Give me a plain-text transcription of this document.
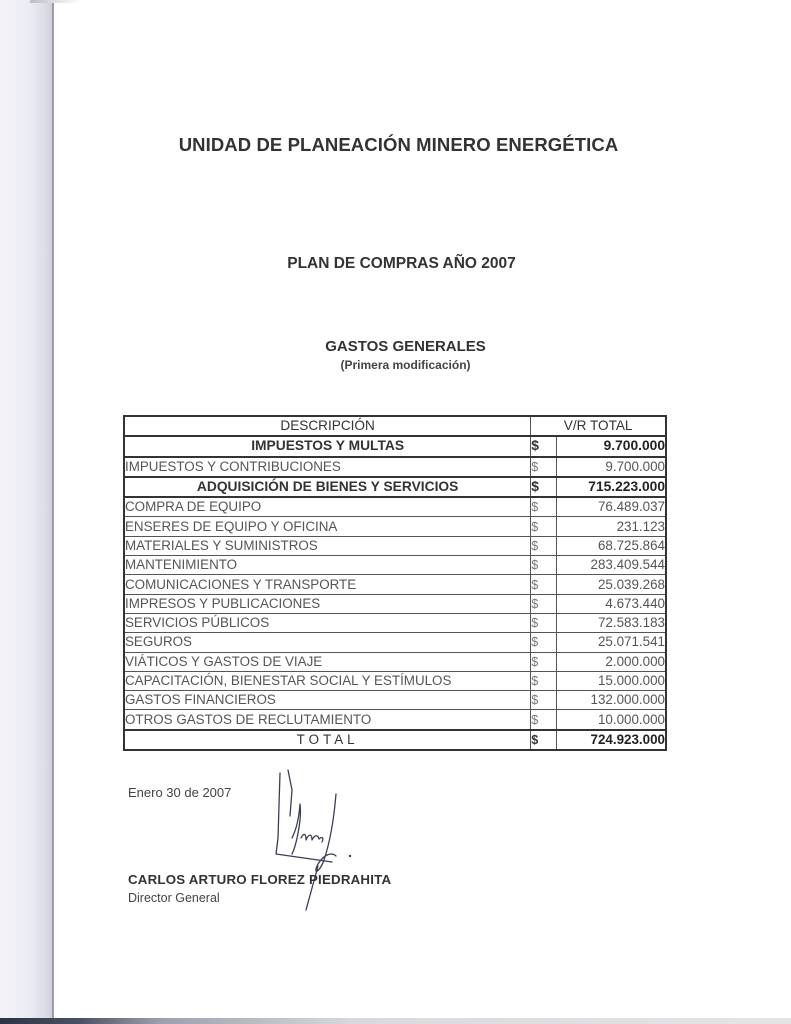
UNIDAD DE PLANEACIÓN MINERO ENERGÉTICA
PLAN DE COMPRAS AÑO 2007
GASTOS GENERALES
(Primera modificación)
DESCRIPCIÓN	V/R TOTAL	
IMPUESTOS Y MULTAS	$	9.700.000
IMPUESTOS Y CONTRIBUCIONES	$	9.700.000
ADQUISICIÓN DE BIENES Y SERVICIOS	$	715.223.000
COMPRA DE EQUIPO	$	76.489.037
ENSERES DE EQUIPO Y OFICINA	$	231.123
MATERIALES Y SUMINISTROS	$	68.725.864
MANTENIMIENTO	$	283.409.544
COMUNICACIONES Y TRANSPORTE	$	25.039.268
IMPRESOS Y PUBLICACIONES	$	4.673.440
SERVICIOS PÚBLICOS	$	72.583.183
SEGUROS	$	25.071.541
VIÁTICOS Y GASTOS DE VIAJE	$	2.000.000
CAPACITACIÓN, BIENESTAR SOCIAL Y ESTÍMULOS	$	15.000.000
GASTOS FINANCIEROS	$	132.000.000
OTROS GASTOS DE RECLUTAMIENTO	$	10.000.000
TOTAL	$	724.923.000
Enero 30 de 2007
CARLOS ARTURO FLOREZ PIEDRAHITA
Director General
